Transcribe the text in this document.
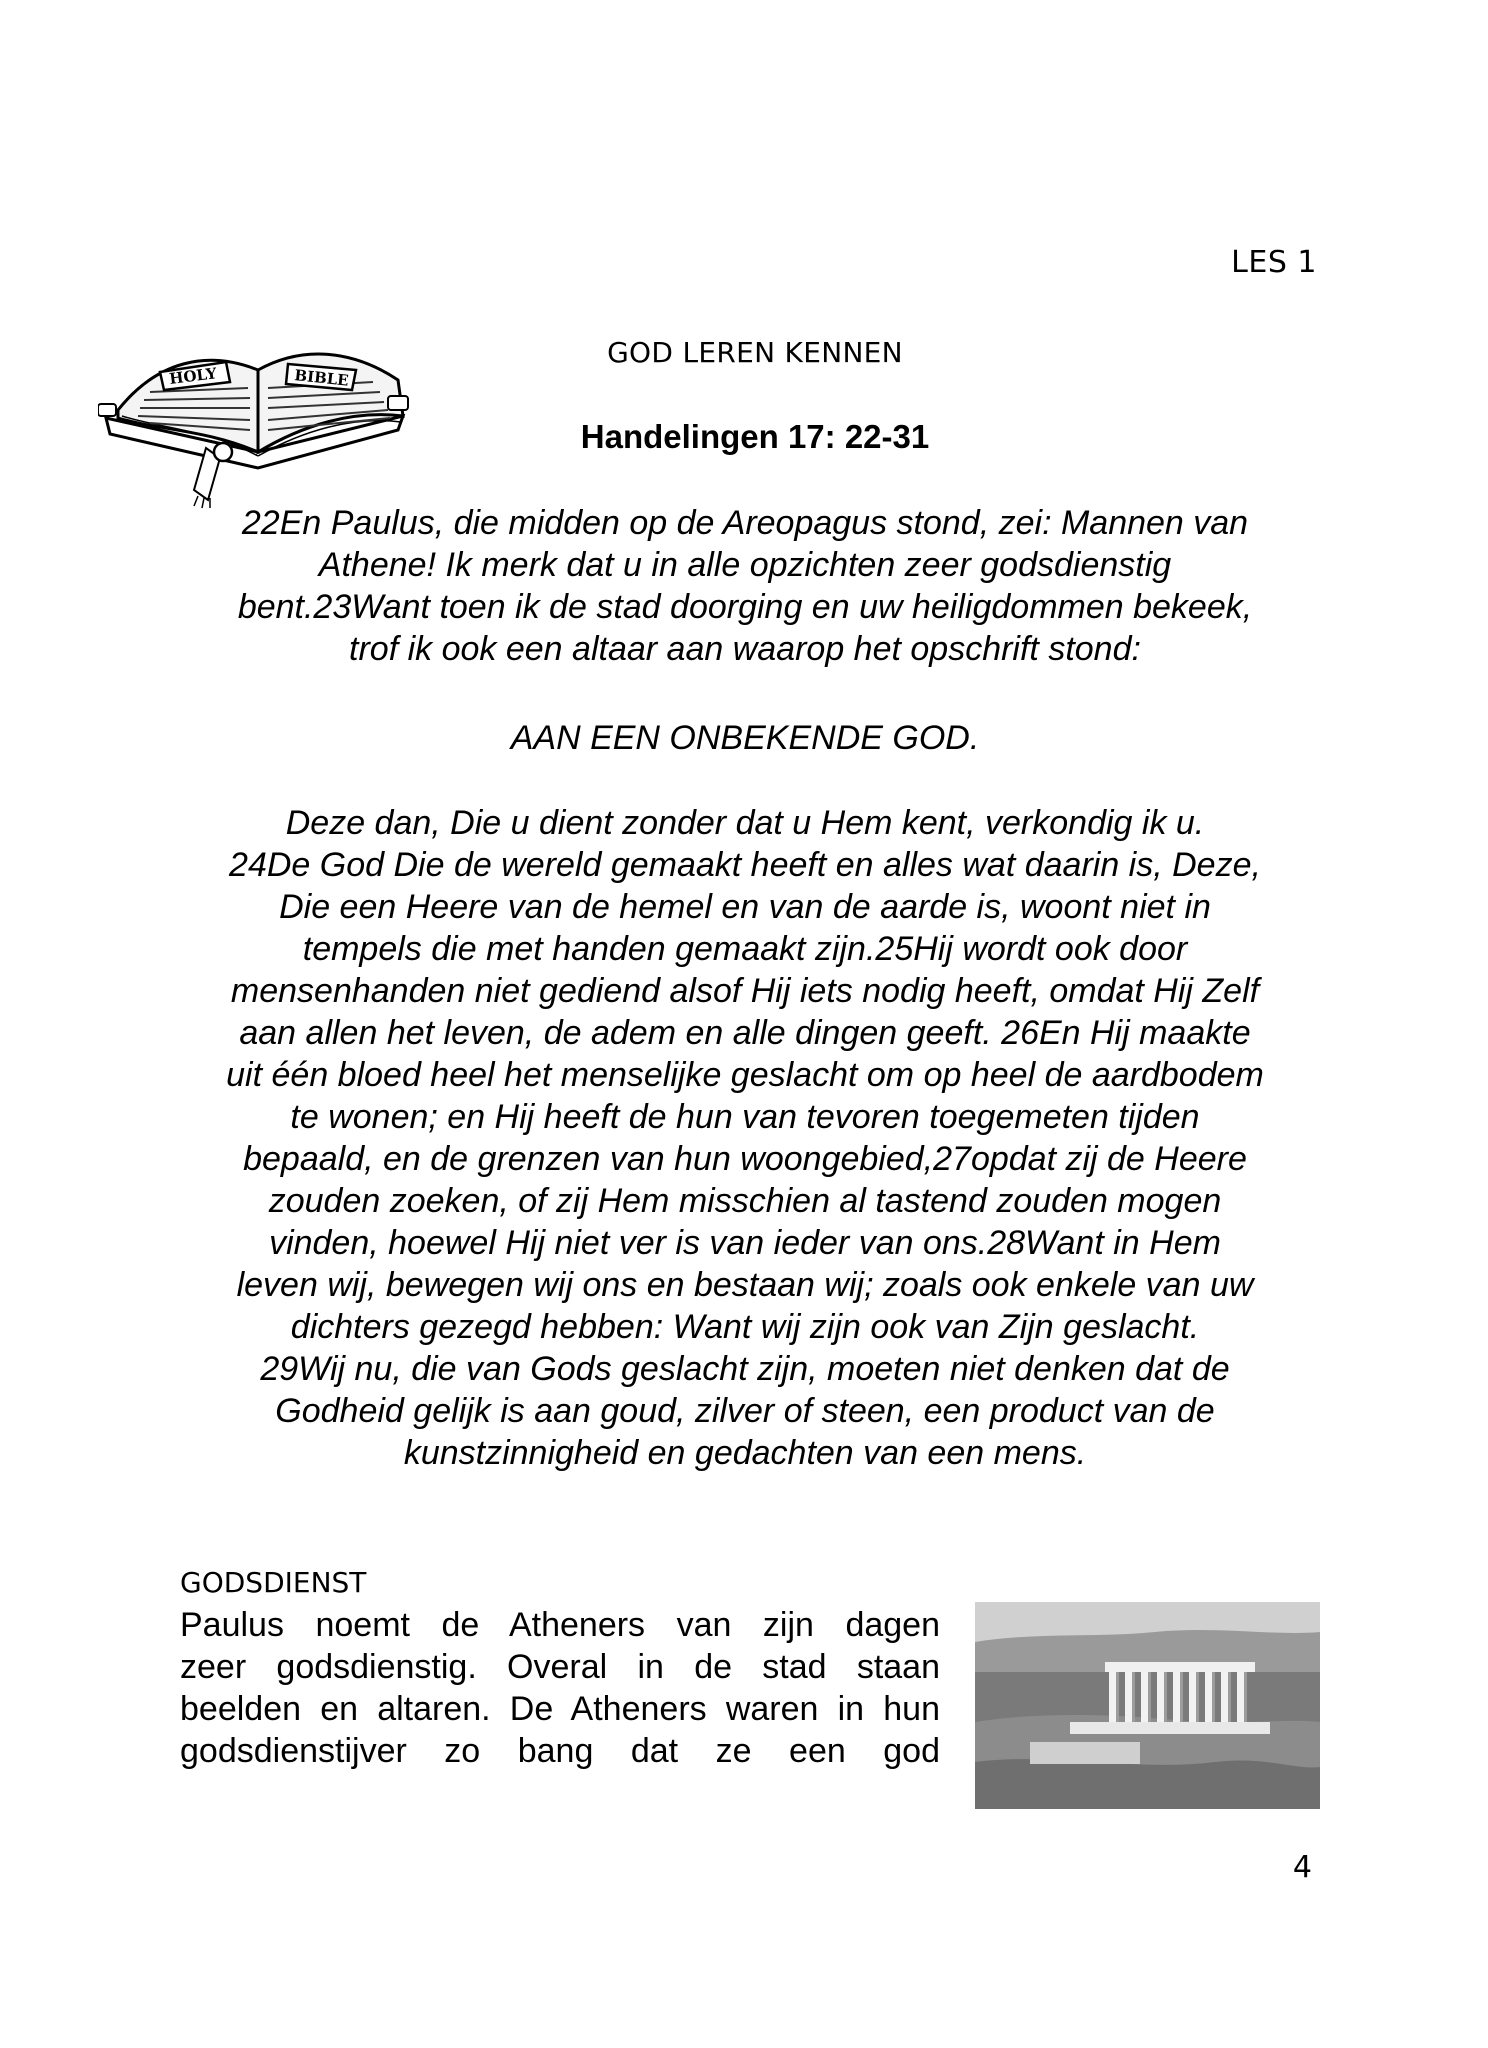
LES 1
HOLY	BIBLE
GOD LEREN KENNEN
Handelingen 17: 22-31

22En Paulus, die midden op de Areopagus stond, zei: Mannen van

Athene! Ik merk dat u in alle opzichten zeer godsdienstig

bent.23Want toen ik de stad doorging en uw heiligdommen bekeek,

trof ik ook een altaar aan waarop het opschrift stond:

AAN EEN ONBEKENDE GOD.

Deze dan, Die u dient zonder dat u Hem kent, verkondig ik u.

24De God Die de wereld gemaakt heeft en alles wat daarin is, Deze,

Die een Heere van de hemel en van de aarde is, woont niet in

tempels die met handen gemaakt zijn.25Hij wordt ook door

mensenhanden niet gediend alsof Hij iets nodig heeft, omdat Hij Zelf

aan allen het leven, de adem en alle dingen geeft. 26En Hij maakte

uit één bloed heel het menselijke geslacht om op heel de aardbodem

te wonen; en Hij heeft de hun van tevoren toegemeten tijden

bepaald, en de grenzen van hun woongebied,27opdat zij de Heere

zouden zoeken, of zij Hem misschien al tastend zouden mogen

vinden, hoewel Hij niet ver is van ieder van ons.28Want in Hem

leven wij, bewegen wij ons en bestaan wij; zoals ook enkele van uw

dichters gezegd hebben: Want wij zijn ook van Zijn geslacht.

29Wij nu, die van Gods geslacht zijn, moeten niet denken dat de

Godheid gelijk is aan goud, zilver of steen, een product van de

kunstzinnigheid en gedachten van een mens.

GODSDIENST
Paulus noemt de Atheners van zijn dagen
zeer godsdienstig. Overal in de stad staan
beelden en altaren. De Atheners waren in hun
godsdienstijver zo bang dat ze een god
4
